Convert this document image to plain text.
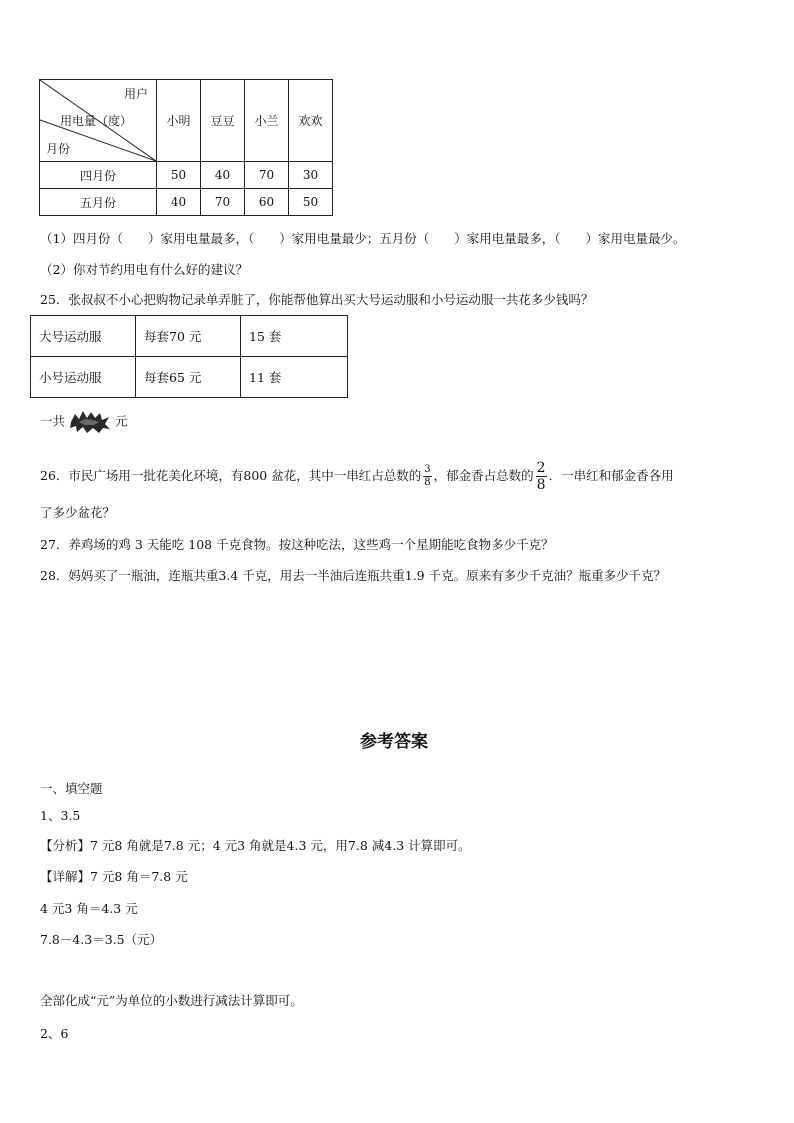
用户
用电量（度）
月份	小明	豆豆	小兰	欢欢
四月份	50	40	70	30
五月份	40	70	60	50
（1）四月份（　　）家用电量最多，（　　）家用电量最少；五月份（　　）家用电量最多，（　　）家用电量最少。
（2）你对节约用电有什么好的建议？
25．张叔叔不小心把购物记录单弄脏了，你能帮他算出买大号运动服和小号运动服一共花多少钱吗？
大号运动服	每套70 元	15 套
小号运动服	每套65 元	11 套
一共	元
26．市民广场用一批花美化环境，有800 盆花，其中一串红占总数的 $\frac{3}{8}$ ，郁金香占总数的 $\frac{2}{8}$ ．一串红和郁金香各用
了多少盆花？
27．养鸡场的鸡 3 天能吃 108 千克食物。按这种吃法，这些鸡一个星期能吃食物多少千克？
28．妈妈买了一瓶油，连瓶共重3.4 千克，用去一半油后连瓶共重1.9 千克。原来有多少千克油？瓶重多少千克？
参考答案
一、填空题
1、3.5
【分析】7 元8 角就是7.8 元；4 元3 角就是4.3 元，用7.8 减4.3 计算即可。
【详解】7 元8 角＝7.8 元
4 元3 角＝4.3 元
7.8－4.3＝3.5（元）
全部化成“元”为单位的小数进行减法计算即可。
2、6
